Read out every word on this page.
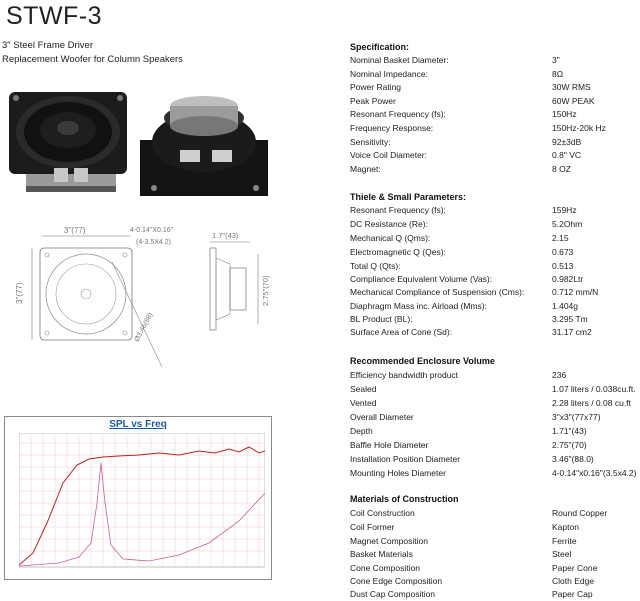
STWF-3
3" Steel Frame Driver
Replacement Woofer for Column Speakers
3"(77)	4-0.14"X0.16"
(4-3.5X4.2)
3"(77)
Ø3.46(88)
1.7"(43)
2.75"(70)
SPL vs Freq
Specification:
Nominal Basket Diameter:	3"
Nominal Impedance:	8Ω
Power Rating	30W RMS
Peak Power	60W PEAK
Resonant Frequency (fs):	150Hz
Frequency Response:	150Hz-20k Hz
Sensitivity:	92±3dB
Voice Coil Diameter:	0.8" VC
Magnet:	8 OZ
Thiele & Small Parameters:
Resonant Frequency (fs):	159Hz
DC Resistance (Re):	5.2Ohm
Mechanical Q (Qms):	2.15
Electromagnetic Q (Qes):	0.673
Total Q (Qts):	0.513
Compliance Equivalent Volume (Vas):	0.982Ltr
Mechanical Compliance of Suspension (Cms):	0.712 mm/N
Diaphragm Mass inc. Airload (Mms):	1.404g
BL Product (BL):	3.295 Tm
Surface Area of Cone (Sd):	31.17 cm2
Recommended Enclosure Volume
Efficiency bandwidth product	236
Sealed	1.07 liters / 0.038cu.ft.
Vented	2.28 liters / 0.08 cu.ft
Overall Diameter	3"x3"(77x77)
Depth	1.71"(43)
Baffle Hole Diameter	2.75"(70)
Installation Position Diameter	3.46"(88.0)
Mounting Holes Diameter	4-0.14"x0.16"(3.5x4.2)
Materials of Construction
Coil Construction	Round Copper
Coil Former	Kapton
Magnet Composition	Ferrite
Basket Materials	Steel
Cone Composition	Paper Cone
Cone Edge Composition	Cloth Edge
Dust Cap Composition	Paper Cap
